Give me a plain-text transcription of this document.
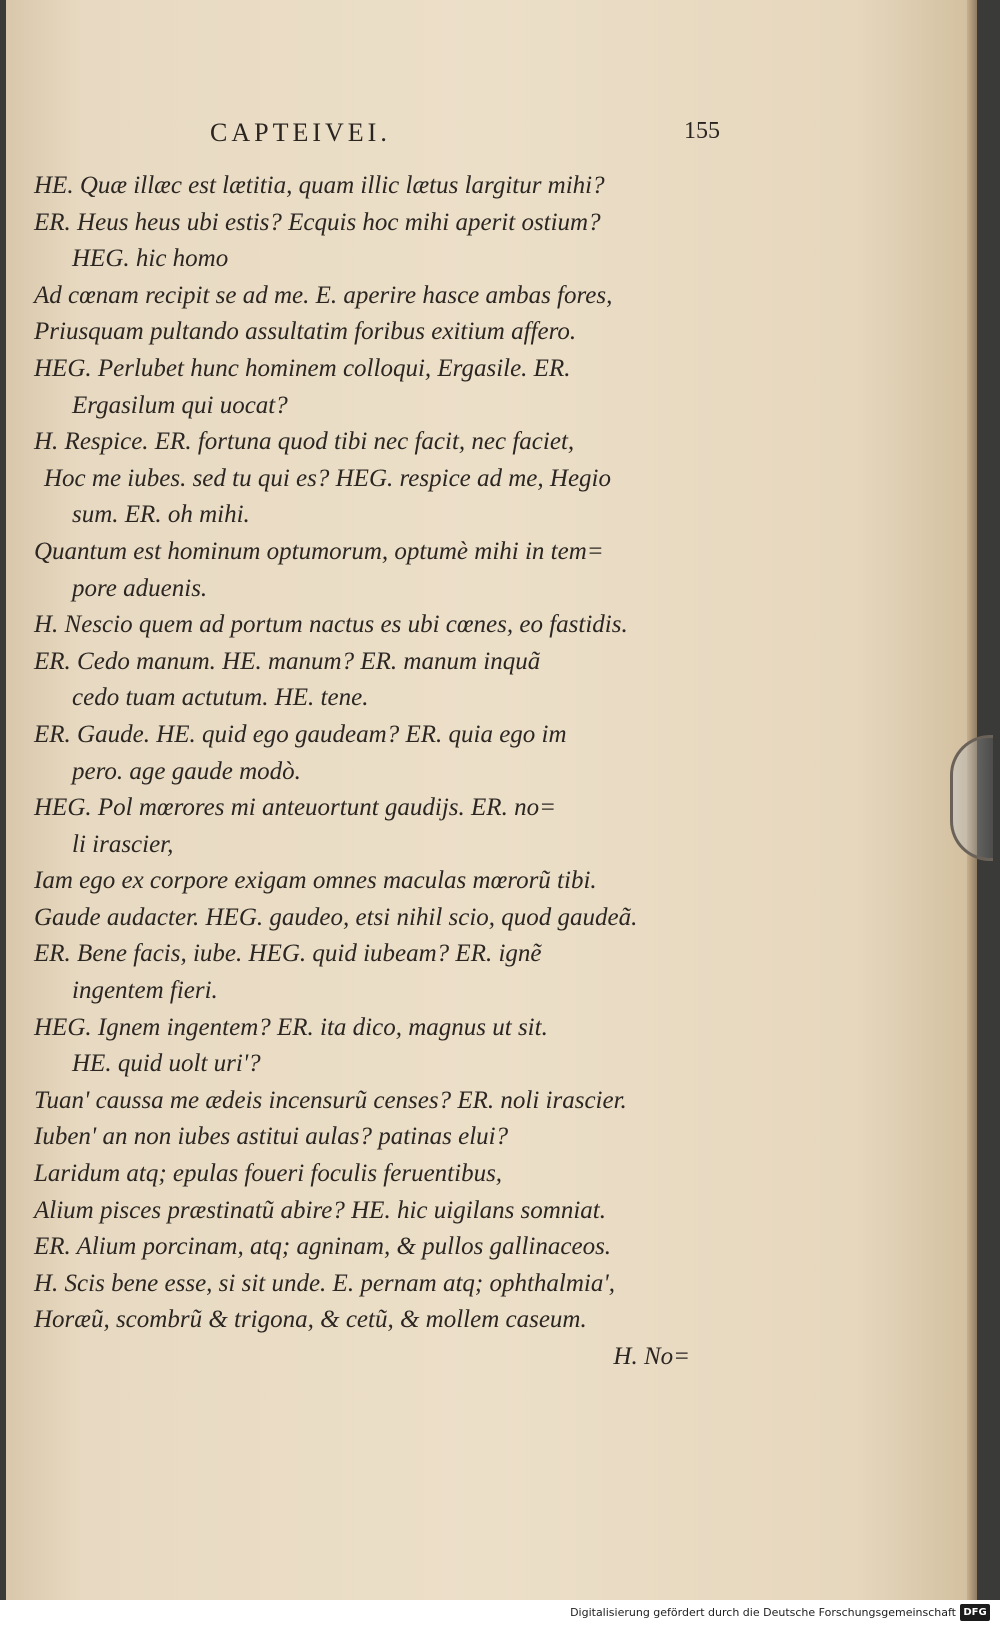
CAPTEIVEI.	155
HE. Quæ illæc est lætitia, quam illic lætus largitur mihi?
ER. Heus heus ubi estis? Ecquis hoc mihi aperit ostium?
HEG. hic homo
Ad cœnam recipit se ad me. E. aperire hasce ambas fores,
Priusquam pultando assultatim foribus exitium affero.
HEG. Perlubet hunc hominem colloqui, Ergasile. ER.
Ergasilum qui uocat?
H. Respice. ER. fortuna quod tibi nec facit, nec faciet,
Hoc me iubes. sed tu qui es? HEG. respice ad me, Hegio
sum. ER. oh mihi.
Quantum est hominum optumorum, optumè mihi in tem=
pore aduenis.
H. Nescio quem ad portum nactus es ubi cœnes, eo fastidis.
ER. Cedo manum. HE. manum? ER. manum inquã
cedo tuam actutum. HE. tene.
ER. Gaude. HE. quid ego gaudeam? ER. quia ego im
pero. age gaude modò.
HEG. Pol mœrores mi anteuortunt gaudijs. ER. no=
li irascier,
Iam ego ex corpore exigam omnes maculas mœrorũ tibi.
Gaude audacter. HEG. gaudeo, etsi nihil scio, quod gaudeã.
ER. Bene facis, iube. HEG. quid iubeam? ER. ignẽ
ingentem fieri.
HEG. Ignem ingentem? ER. ita dico, magnus ut sit.
HE. quid uolt uri'?
Tuan' caussa me ædeis incensurũ censes? ER. noli irascier.
Iuben' an non iubes astitui aulas? patinas elui?
Laridum atq; epulas foueri foculis feruentibus,
Alium pisces præstinatũ abire? HE. hic uigilans somniat.
ER. Alium porcinam, atq; agninam, & pullos gallinaceos.
H. Scis bene esse, si sit unde. E. pernam atq; ophthalmia',
Horæũ, scombrũ & trigona, & cetũ, & mollem caseum.
H. No=
Digitalisierung gefördert durch die Deutsche Forschungsgemeinschaft DFG
